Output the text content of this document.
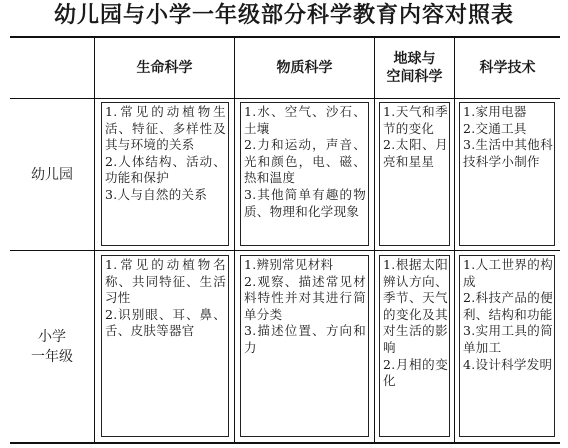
幼儿园与小学一年级部分科学教育内容对照表
生命科学	物质科学
地球与
空间科学
科学技术
幼儿园
1.常见的动植物生活、特征、多样性及其与环境的关系
2.人体结构、活动、功能和保护
3.人与自然的关系
1.水、空气、沙石、土壤
2.力和运动，声音、光和颜色，电、磁、热和温度
3.其他简单有趣的物质、物理和化学现象
1.天气和季节的变化
2.太阳、月亮和星星
1.家用电器
2.交通工具
3.生活中其他科技科学小制作
小学
一年级
1.常见的动植物名称、共同特征、生活习性
2.识别眼、耳、鼻、舌、皮肤等器官
1.辨别常见材料
2.观察、描述常见材料特性并对其进行简单分类
3.描述位置、方向和力
1.根据太阳辨认方向、季节、天气的变化及其对生活的影响
2.月相的变化
1.人工世界的构成
2.科技产品的便利、结构和功能
3.实用工具的简单加工
4.设计科学发明
